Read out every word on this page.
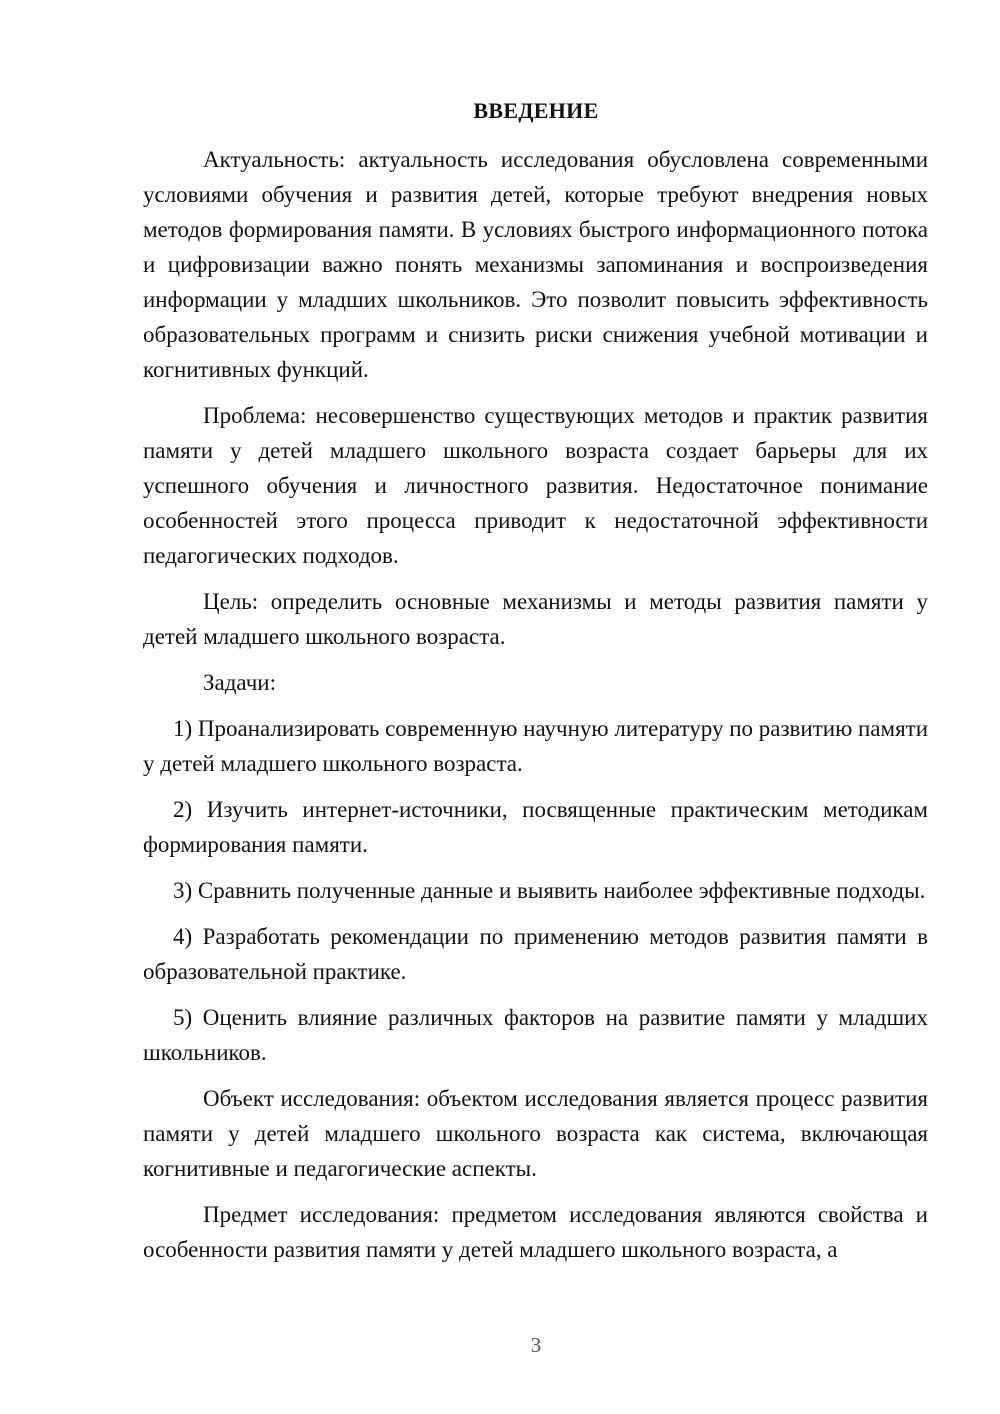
ВВЕДЕНИЕ

Актуальность: актуальность исследования обусловлена современными условиями обучения и развития детей, которые требуют внедрения новых методов формирования памяти. В условиях быстрого информационного потока и цифровизации важно понять механизмы запоминания и воспроизведения информации у младших школьников. Это позволит повысить эффективность образовательных программ и снизить риски снижения учебной мотивации и когнитивных функций.

Проблема: несовершенство существующих методов и практик развития памяти у детей младшего школьного возраста создает барьеры для их успешного обучения и личностного развития. Недостаточное понимание особенностей этого процесса приводит к недостаточной эффективности педагогических подходов.

Цель: определить основные механизмы и методы развития памяти у детей младшего школьного возраста.

Задачи:

1) Проанализировать современную научную литературу по развитию памяти у детей младшего школьного возраста.

2) Изучить интернет-источники, посвященные практическим методикам формирования памяти.

3) Сравнить полученные данные и выявить наиболее эффективные подходы.

4) Разработать рекомендации по применению методов развития памяти в образовательной практике.

5) Оценить влияние различных факторов на развитие памяти у младших школьников.

Объект исследования: объектом исследования является процесс развития памяти у детей младшего школьного возраста как система, включающая когнитивные и педагогические аспекты.

Предмет исследования: предметом исследования являются свойства и особенности развития памяти у детей младшего школьного возраста, а

3
